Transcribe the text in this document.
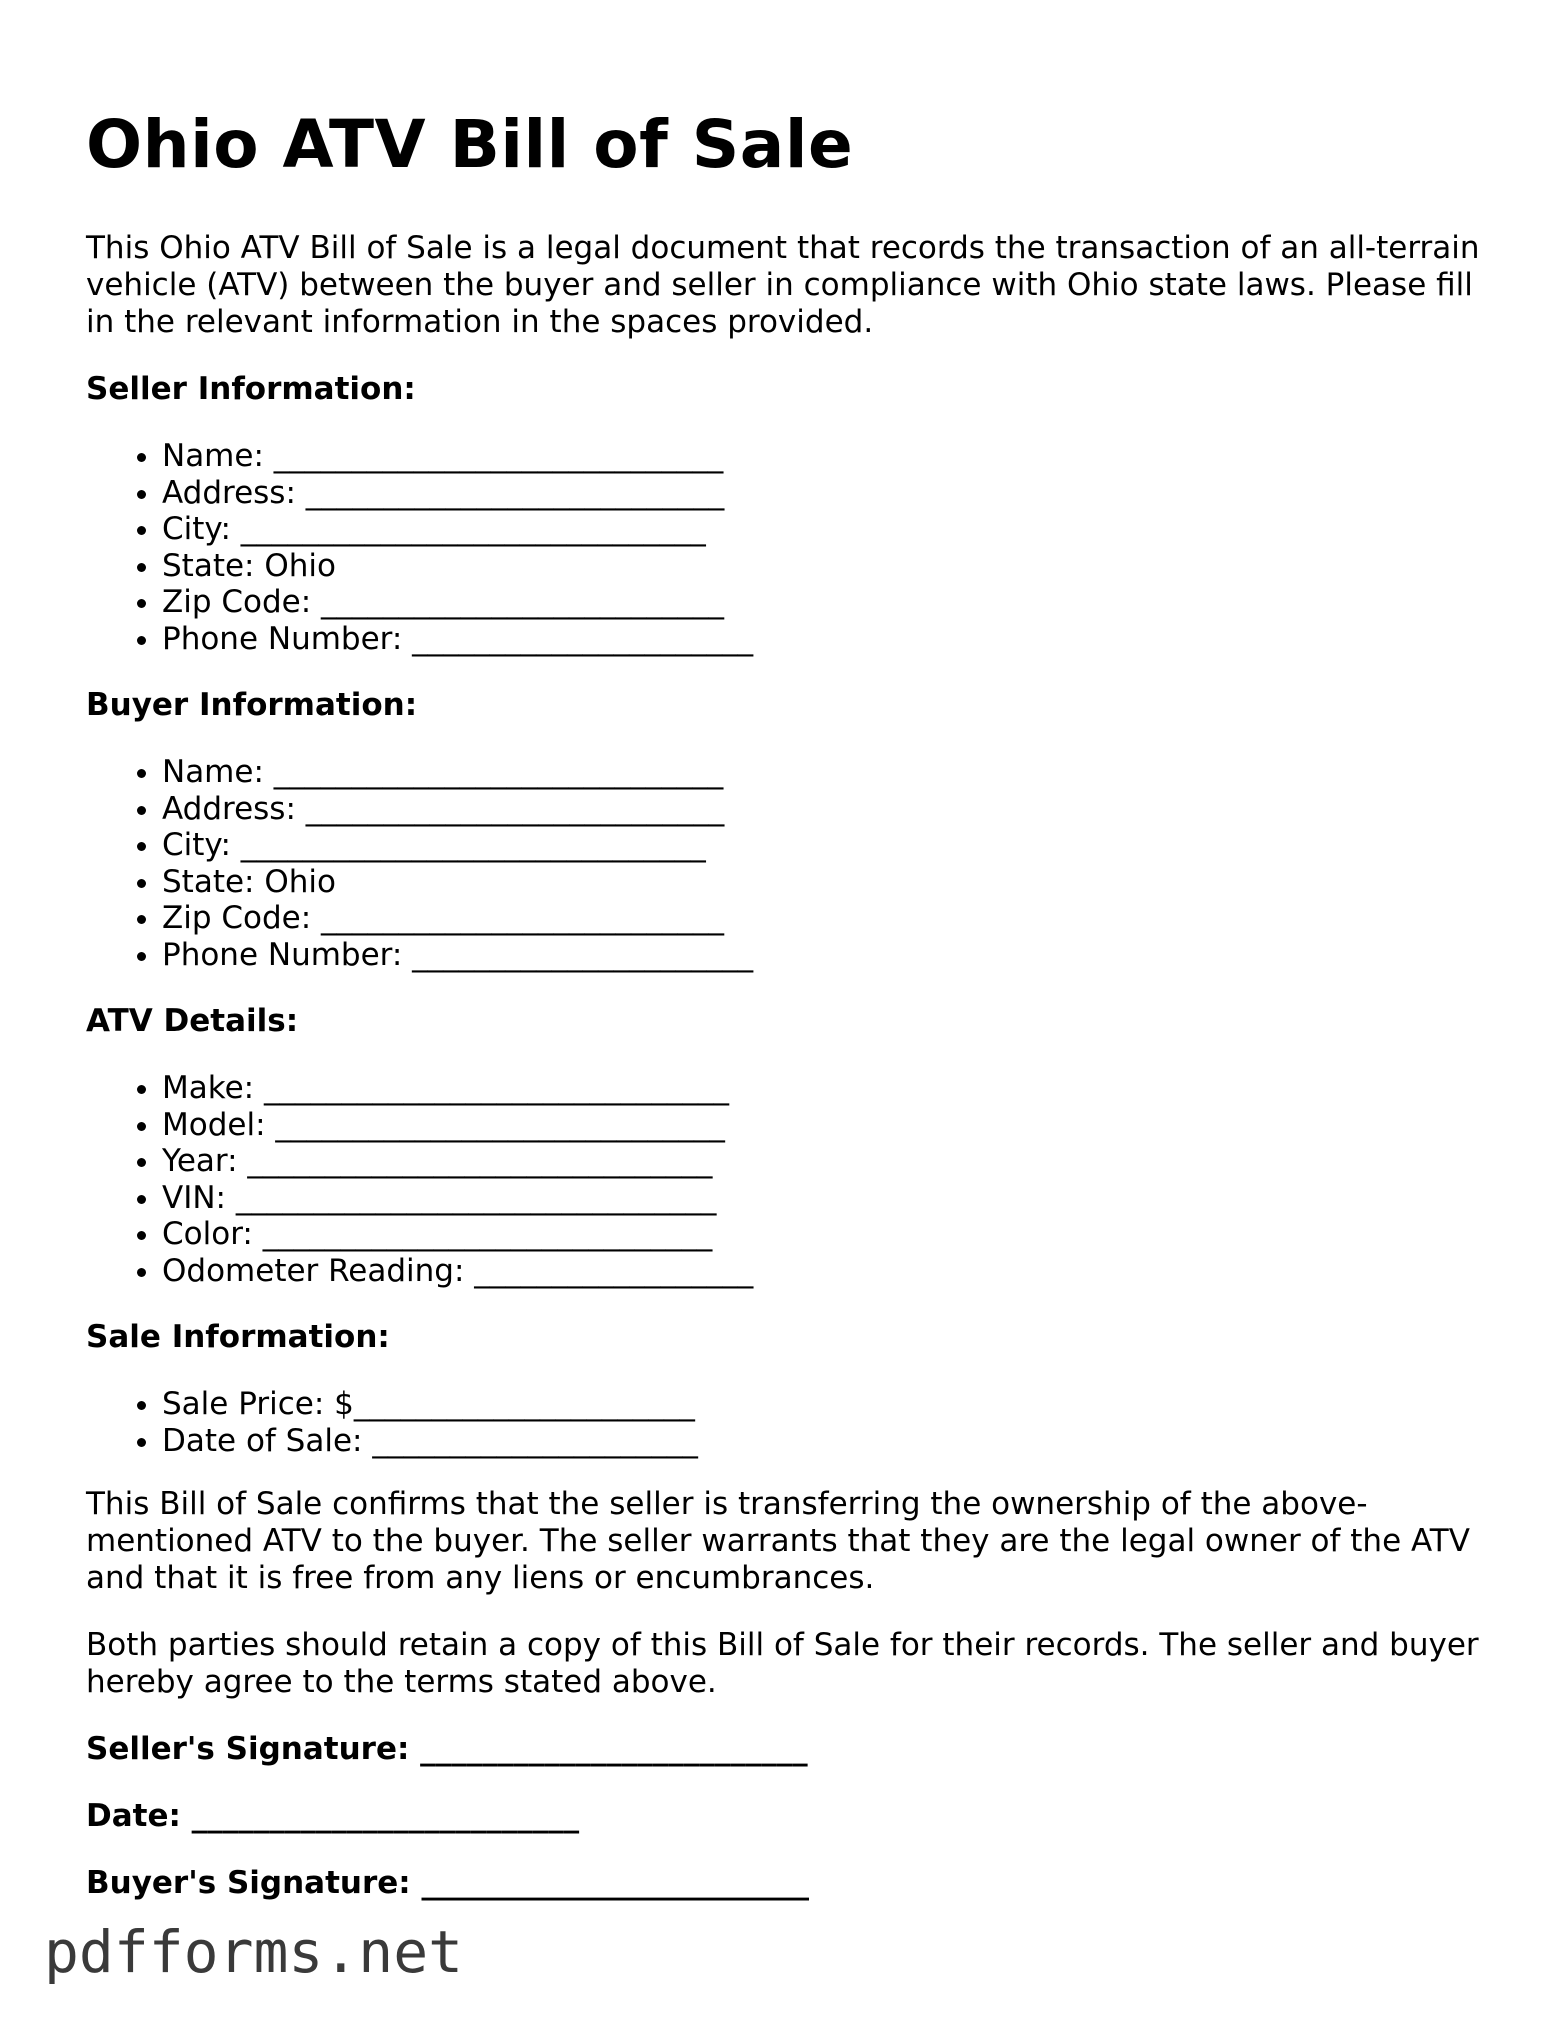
Ohio ATV Bill of Sale

This Ohio ATV Bill of Sale is a legal document that records the transaction of an all-terrain vehicle (ATV) between the buyer and seller in compliance with Ohio state laws. Please fill in the relevant information in the spaces provided.

Seller Information:
• Name: _____________________________
• Address: ___________________________
• City: ______________________________
• State: Ohio
• Zip Code: __________________________
• Phone Number: ______________________
Buyer Information:
• Name: _____________________________
• Address: ___________________________
• City: ______________________________
• State: Ohio
• Zip Code: __________________________
• Phone Number: ______________________
ATV Details:
• Make: ______________________________
• Model: _____________________________
• Year: ______________________________
• VIN: _______________________________
• Color: _____________________________
• Odometer Reading: __________________
Sale Information:
• Sale Price: $______________________
• Date of Sale: _____________________

This Bill of Sale confirms that the seller is transferring the ownership of the above-mentioned ATV to the buyer. The seller warrants that they are the legal owner of the ATV and that it is free from any liens or encumbrances.

Both parties should retain a copy of this Bill of Sale for their records. The seller and buyer hereby agree to the terms stated above.

Seller's Signature: _________________________
Date: _________________________
Buyer's Signature: _________________________
pdfforms.net
